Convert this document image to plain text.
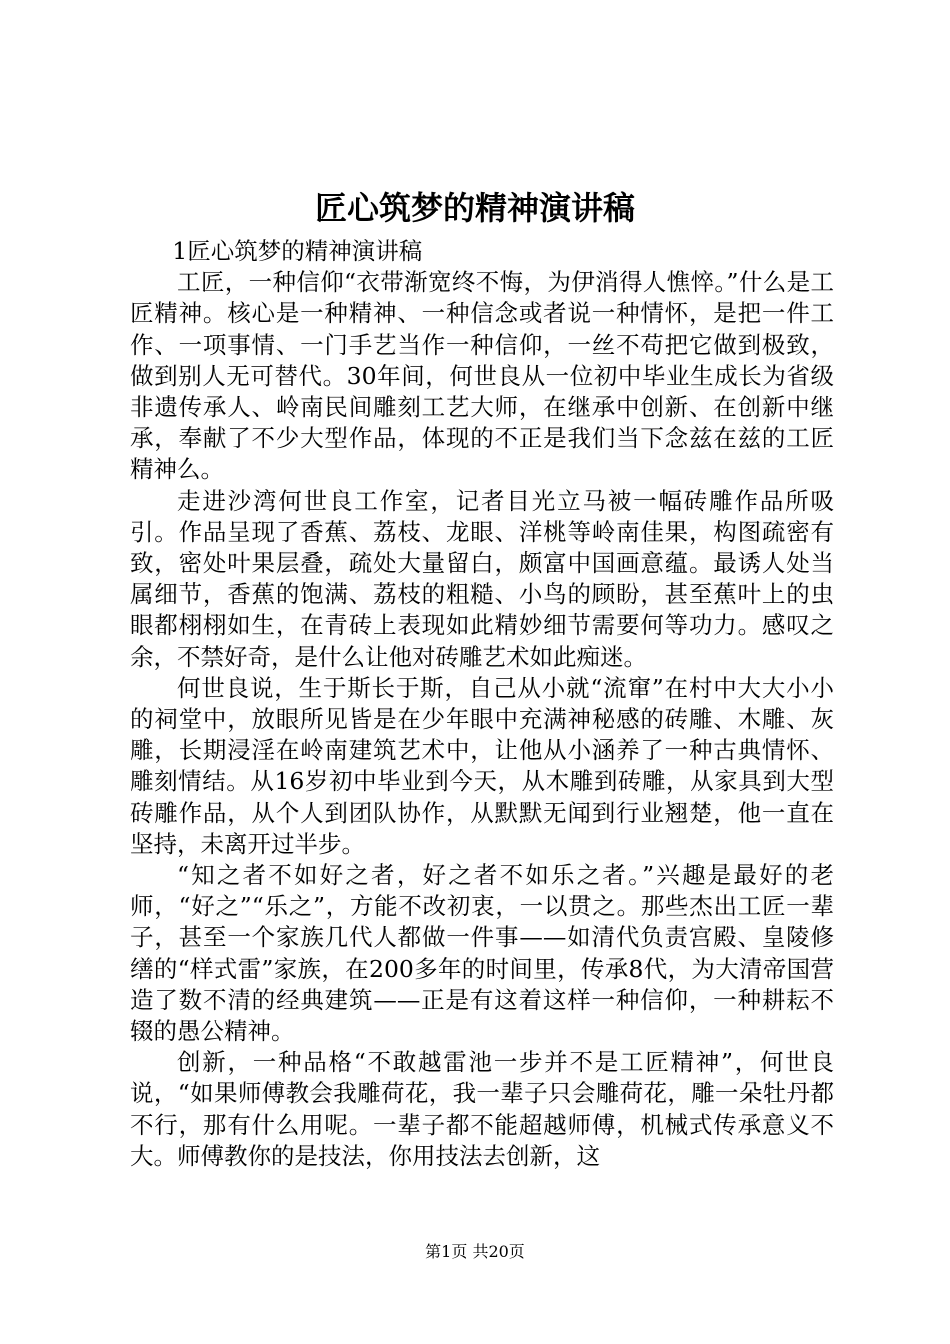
匠心筑梦的精神演讲稿

1匠心筑梦的精神演讲稿

工匠，一种信仰“衣带渐宽终不悔，为伊消得人憔悴。”什么是工匠精神。核心是一种精神、一种信念或者说一种情怀，是把一件工作、一项事情、一门手艺当作一种信仰，一丝不苟把它做到极致，做到别人无可替代。30年间，何世良从一位初中毕业生成长为省级非遗传承人、岭南民间雕刻工艺大师，在继承中创新、在创新中继承，奉献了不少大型作品，体现的不正是我们当下念兹在兹的工匠精神么。

走进沙湾何世良工作室，记者目光立马被一幅砖雕作品所吸引。作品呈现了香蕉、荔枝、龙眼、洋桃等岭南佳果，构图疏密有致，密处叶果层叠，疏处大量留白，颇富中国画意蕴。最诱人处当属细节，香蕉的饱满、荔枝的粗糙、小鸟的顾盼，甚至蕉叶上的虫眼都栩栩如生，在青砖上表现如此精妙细节需要何等功力。感叹之余，不禁好奇，是什么让他对砖雕艺术如此痴迷。

何世良说，生于斯长于斯，自己从小就“流窜”在村中大大小小的祠堂中，放眼所见皆是在少年眼中充满神秘感的砖雕、木雕、灰雕，长期浸淫在岭南建筑艺术中，让他从小涵养了一种古典情怀、雕刻情结。从16岁初中毕业到今天，从木雕到砖雕，从家具到大型砖雕作品，从个人到团队协作，从默默无闻到行业翘楚，他一直在坚持，未离开过半步。

“知之者不如好之者，好之者不如乐之者。”兴趣是最好的老师，“好之”“乐之”，方能不改初衷，一以贯之。那些杰出工匠一辈子，甚至一个家族几代人都做一件事——如清代负责宫殿、皇陵修缮的“样式雷”家族，在200多年的时间里，传承8代，为大清帝国营造了数不清的经典建筑——正是有这着这样一种信仰，一种耕耘不辍的愚公精神。

创新，一种品格“不敢越雷池一步并不是工匠精神”，何世良说，“如果师傅教会我雕荷花，我一辈子只会雕荷花，雕一朵牡丹都不行，那有什么用呢。一辈子都不能超越师傅，机械式传承意义不大。师傅教你的是技法，你用技法去创新，这

第1页 共20页
